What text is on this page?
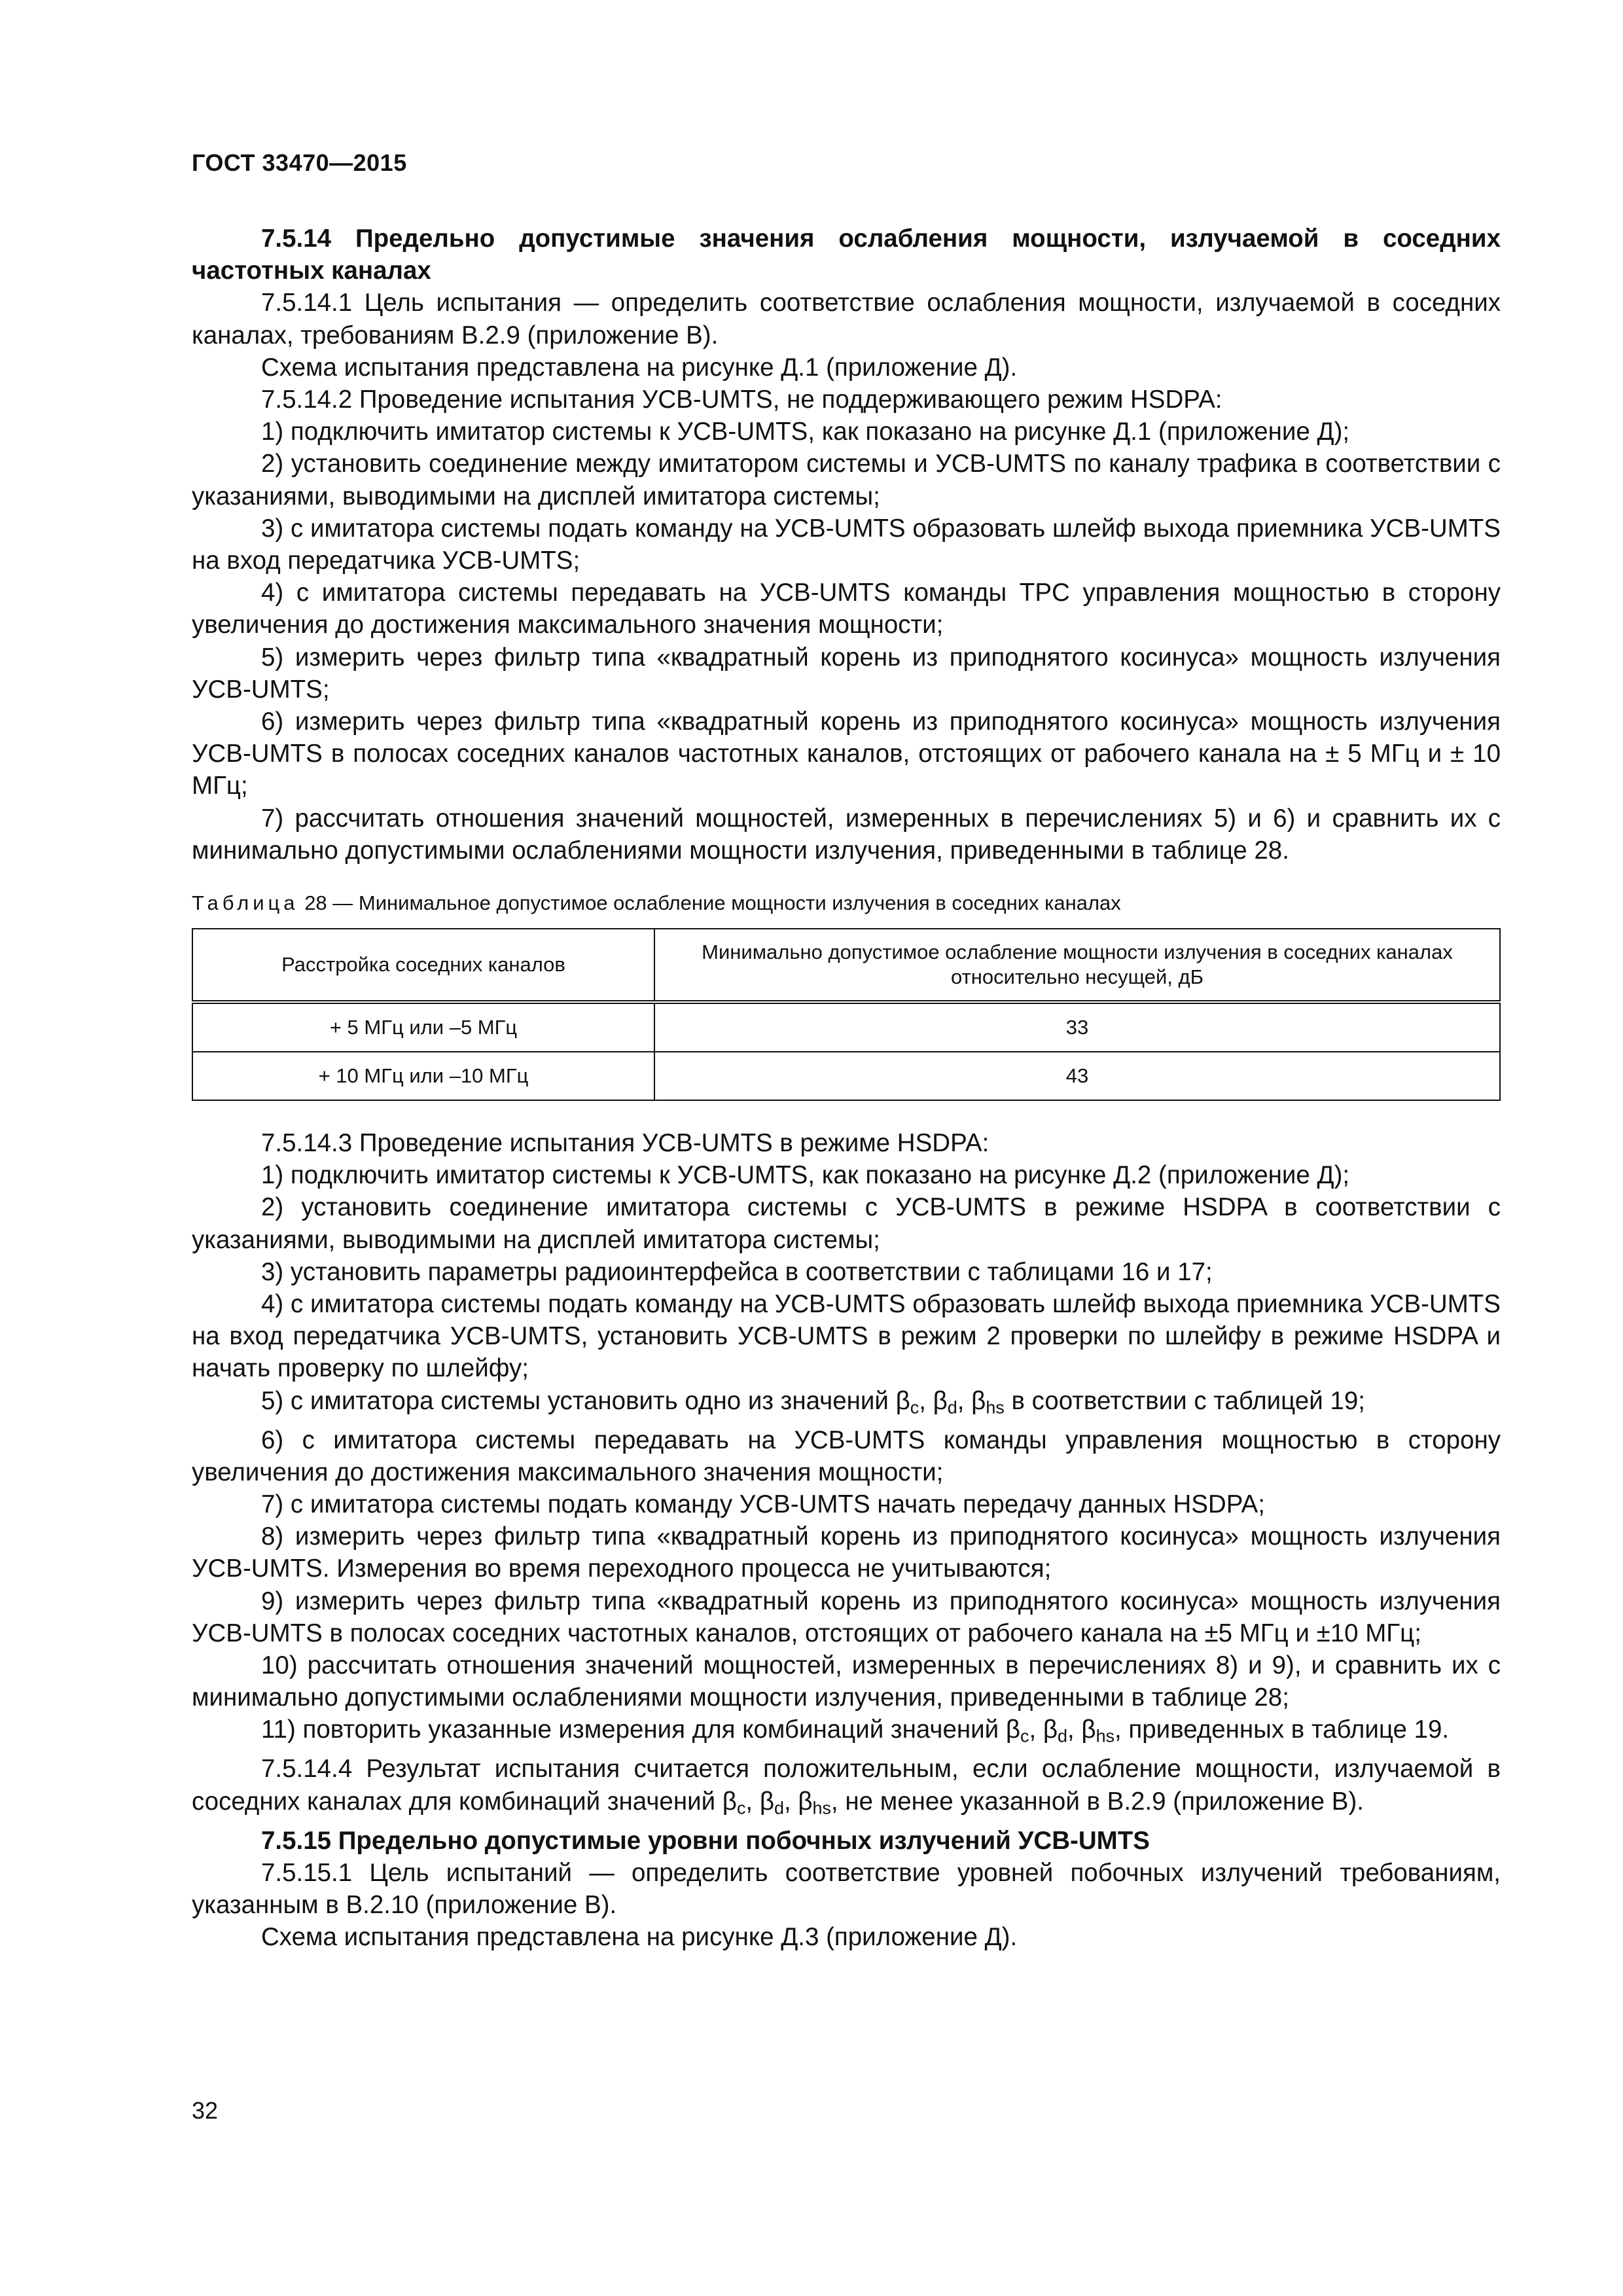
ГОСТ 33470—2015

7.5.14 Предельно допустимые значения ослабления мощности, излучаемой в соседних частотных каналах

7.5.14.1 Цель испытания — определить соответствие ослабления мощности, излучаемой в соседних каналах, требованиям В.2.9 (приложение В).

Схема испытания представлена на рисунке Д.1 (приложение Д).

7.5.14.2 Проведение испытания УСВ-UMTS, не поддерживающего режим HSDPA:

1) подключить имитатор системы к УСВ-UMTS, как показано на рисунке Д.1 (приложение Д);

2) установить соединение между имитатором системы и УСВ-UMTS по каналу трафика в соответствии с указаниями, выводимыми на дисплей имитатора системы;

3) с имитатора системы подать команду на УСВ-UMTS образовать шлейф выхода приемника УСВ-UMTS на вход передатчика УСВ-UMTS;

4) с имитатора системы передавать на УСВ-UMTS команды TPC управления мощностью в сторону увеличения до достижения максимального значения мощности;

5) измерить через фильтр типа «квадратный корень из приподнятого косинуса» мощность излучения УСВ-UMTS;

6) измерить через фильтр типа «квадратный корень из приподнятого косинуса» мощность излучения УСВ-UMTS в полосах соседних каналов частотных каналов, отстоящих от рабочего канала на ± 5 МГц и ± 10 МГц;

7) рассчитать отношения значений мощностей, измеренных в перечислениях 5) и 6) и сравнить их с минимально допустимыми ослаблениями мощности излучения, приведенными в таблице 28.

Таблица 28 — Минимальное допустимое ослабление мощности излучения в соседних каналах
Расстройка соседних каналов	Минимально допустимое ослабление мощности излучения в соседних каналах относительно несущей, дБ
+ 5 МГц или –5 МГц	33
+ 10 МГц или –10 МГц	43

7.5.14.3 Проведение испытания УСВ-UMTS в режиме HSDPA:

1) подключить имитатор системы к УСВ-UMTS, как показано на рисунке Д.2 (приложение Д);

2) установить соединение имитатора системы с УСВ-UMTS в режиме HSDPA в соответствии с указаниями, выводимыми на дисплей имитатора системы;

3) установить параметры радиоинтерфейса в соответствии с таблицами 16 и 17;

4) с имитатора системы подать команду на УСВ-UMTS образовать шлейф выхода приемника УСВ-UMTS на вход передатчика УСВ-UMTS, установить УСВ-UMTS в режим 2 проверки по шлейфу в режиме HSDPA и начать проверку по шлейфу;

5) с имитатора системы установить одно из значений $\beta_c$, $\beta_d$, $\beta_{hs}$ в соответствии с таблицей 19;

6) с имитатора системы передавать на УСВ-UMTS команды управления мощностью в сторону увеличения до достижения максимального значения мощности;

7) с имитатора системы подать команду УСВ-UMTS начать передачу данных HSDPA;

8) измерить через фильтр типа «квадратный корень из приподнятого косинуса» мощность излучения УСВ-UMTS. Измерения во время переходного процесса не учитываются;

9) измерить через фильтр типа «квадратный корень из приподнятого косинуса» мощность излучения УСВ-UMTS в полосах соседних частотных каналов, отстоящих от рабочего канала на ±5 МГц и ±10 МГц;

10) рассчитать отношения значений мощностей, измеренных в перечислениях 8) и 9), и сравнить их с минимально допустимыми ослаблениями мощности излучения, приведенными в таблице 28;

11) повторить указанные измерения для комбинаций значений $\beta_c$, $\beta_d$, $\beta_{hs}$, приведенных в таблице 19.

7.5.14.4 Результат испытания считается положительным, если ослабление мощности, излучаемой в соседних каналах для комбинаций значений $\beta_c$, $\beta_d$, $\beta_{hs}$, не менее указанной в В.2.9 (приложение В).

7.5.15 Предельно допустимые уровни побочных излучений УСВ-UMTS

7.5.15.1 Цель испытаний — определить соответствие уровней побочных излучений требованиям, указанным в В.2.10 (приложение В).

Схема испытания представлена на рисунке Д.3 (приложение Д).

32
